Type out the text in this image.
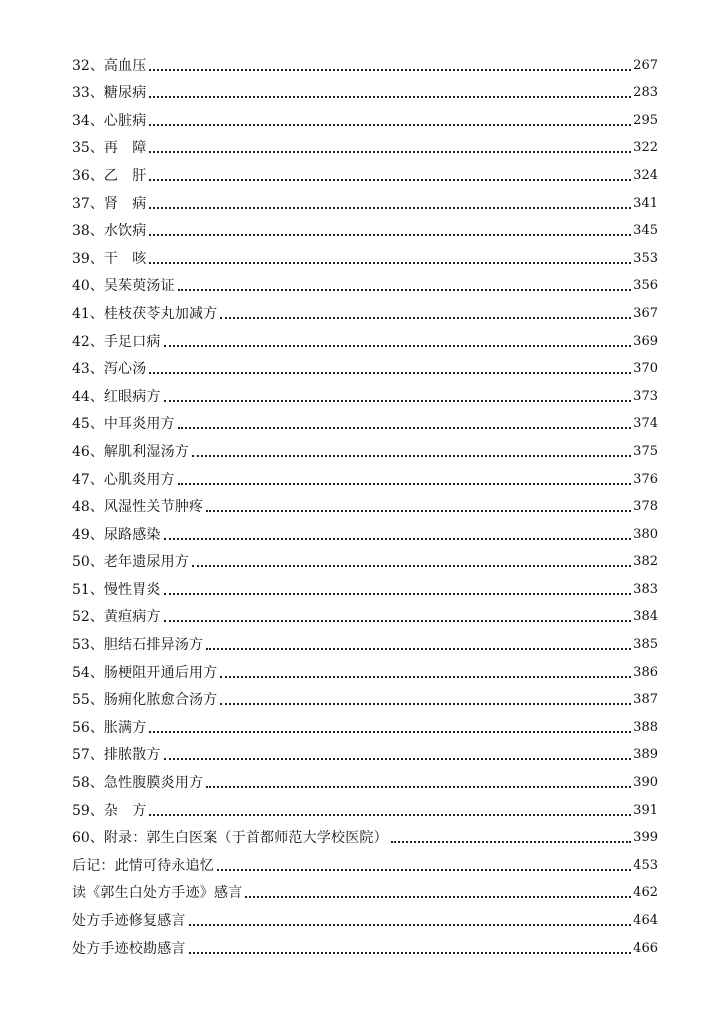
32、 高血压	267
33、 糖尿病	283
34、 心脏病	295
35、 再　障	322
36、 乙　肝	324
37、 肾　病	341
38、 水饮病	345
39、 干　咳	353
40、 吴茱萸汤证	356
41、 桂枝茯苓丸加减方	367
42、 手足口病	369
43、 泻心汤	370
44、 红眼病方	373
45、 中耳炎用方	374
46、 解肌利湿汤方	375
47、 心肌炎用方	376
48、 风湿性关节肿疼	378
49、 尿路感染	380
50、 老年遗尿用方	382
51、 慢性胃炎	383
52、 黄疸病方	384
53、 胆结石排异汤方	385
54、 肠梗阻开通后用方	386
55、 肠痈化脓愈合汤方	387
56、 胀满方	388
57、 排脓散方	389
58、 急性腹膜炎用方	390
59、 杂　方	391
60、 附录：郭生白医案（于首都师范大学校医院）	399
后记：此情可待永追忆	453
读《郭生白处方手迹》感言	462
处方手迹修复感言	464
处方手迹校勘感言	466
